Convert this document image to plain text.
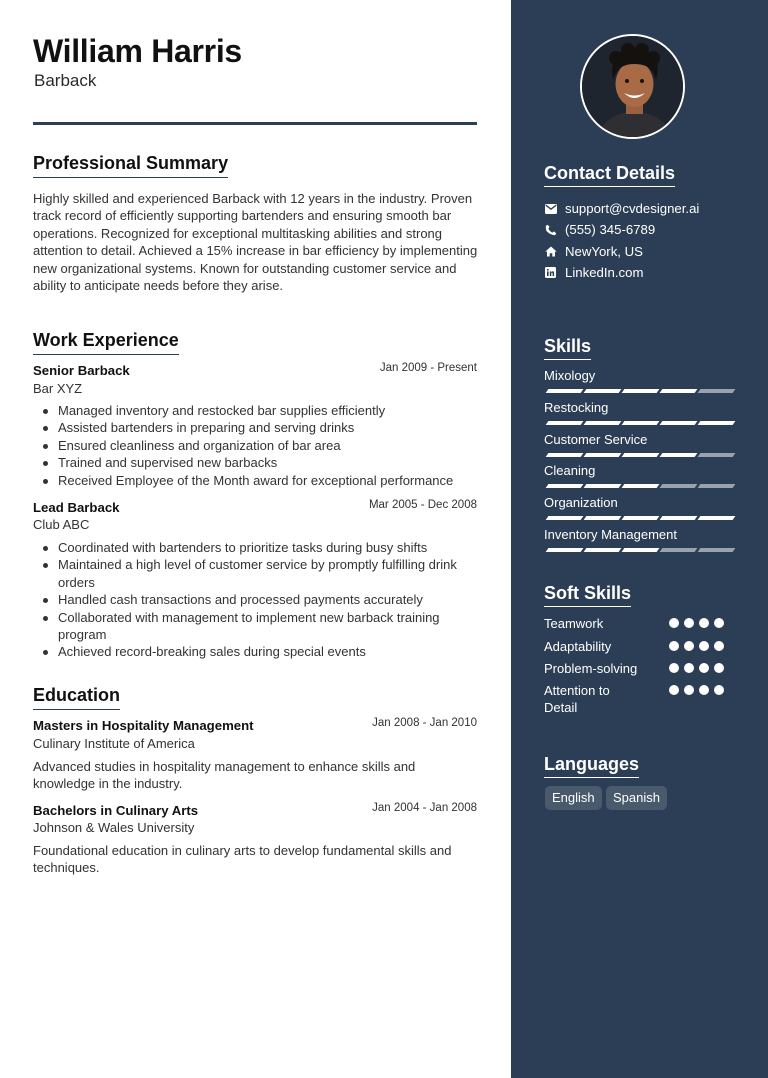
William Harris
Barback
Professional Summary
Highly skilled and experienced Barback with 12 years in the industry. Proven track record of efficiently supporting bartenders and ensuring smooth bar operations. Recognized for exceptional multitasking abilities and strong attention to detail. Achieved a 15% increase in bar efficiency by implementing new organizational systems. Known for outstanding customer service and ability to anticipate needs before they arise.
Work Experience
Senior Barback	Jan 2009 - Present
Bar XYZ
Managed inventory and restocked bar supplies efficiently
Assisted bartenders in preparing and serving drinks
Ensured cleanliness and organization of bar area
Trained and supervised new barbacks
Received Employee of the Month award for exceptional performance
Lead Barback	Mar 2005 - Dec 2008
Club ABC
Coordinated with bartenders to prioritize tasks during busy shifts
Maintained a high level of customer service by promptly fulfilling drink orders
Handled cash transactions and processed payments accurately
Collaborated with management to implement new barback training program
Achieved record-breaking sales during special events
Education
Masters in Hospitality Management	Jan 2008 - Jan 2010
Culinary Institute of America
Advanced studies in hospitality management to enhance skills and knowledge in the industry.
Bachelors in Culinary Arts	Jan 2004 - Jan 2008
Johnson & Wales University
Foundational education in culinary arts to develop fundamental skills and techniques.
Contact Details
support@cvdesigner.ai
(555) 345-6789
NewYork, US
LinkedIn.com
Skills
Mixology
Restocking
Customer Service
Cleaning
Organization
Inventory Management
Soft Skills
Teamwork
Adaptability
Problem-solving
Attention to
Detail
Languages
English	Spanish
